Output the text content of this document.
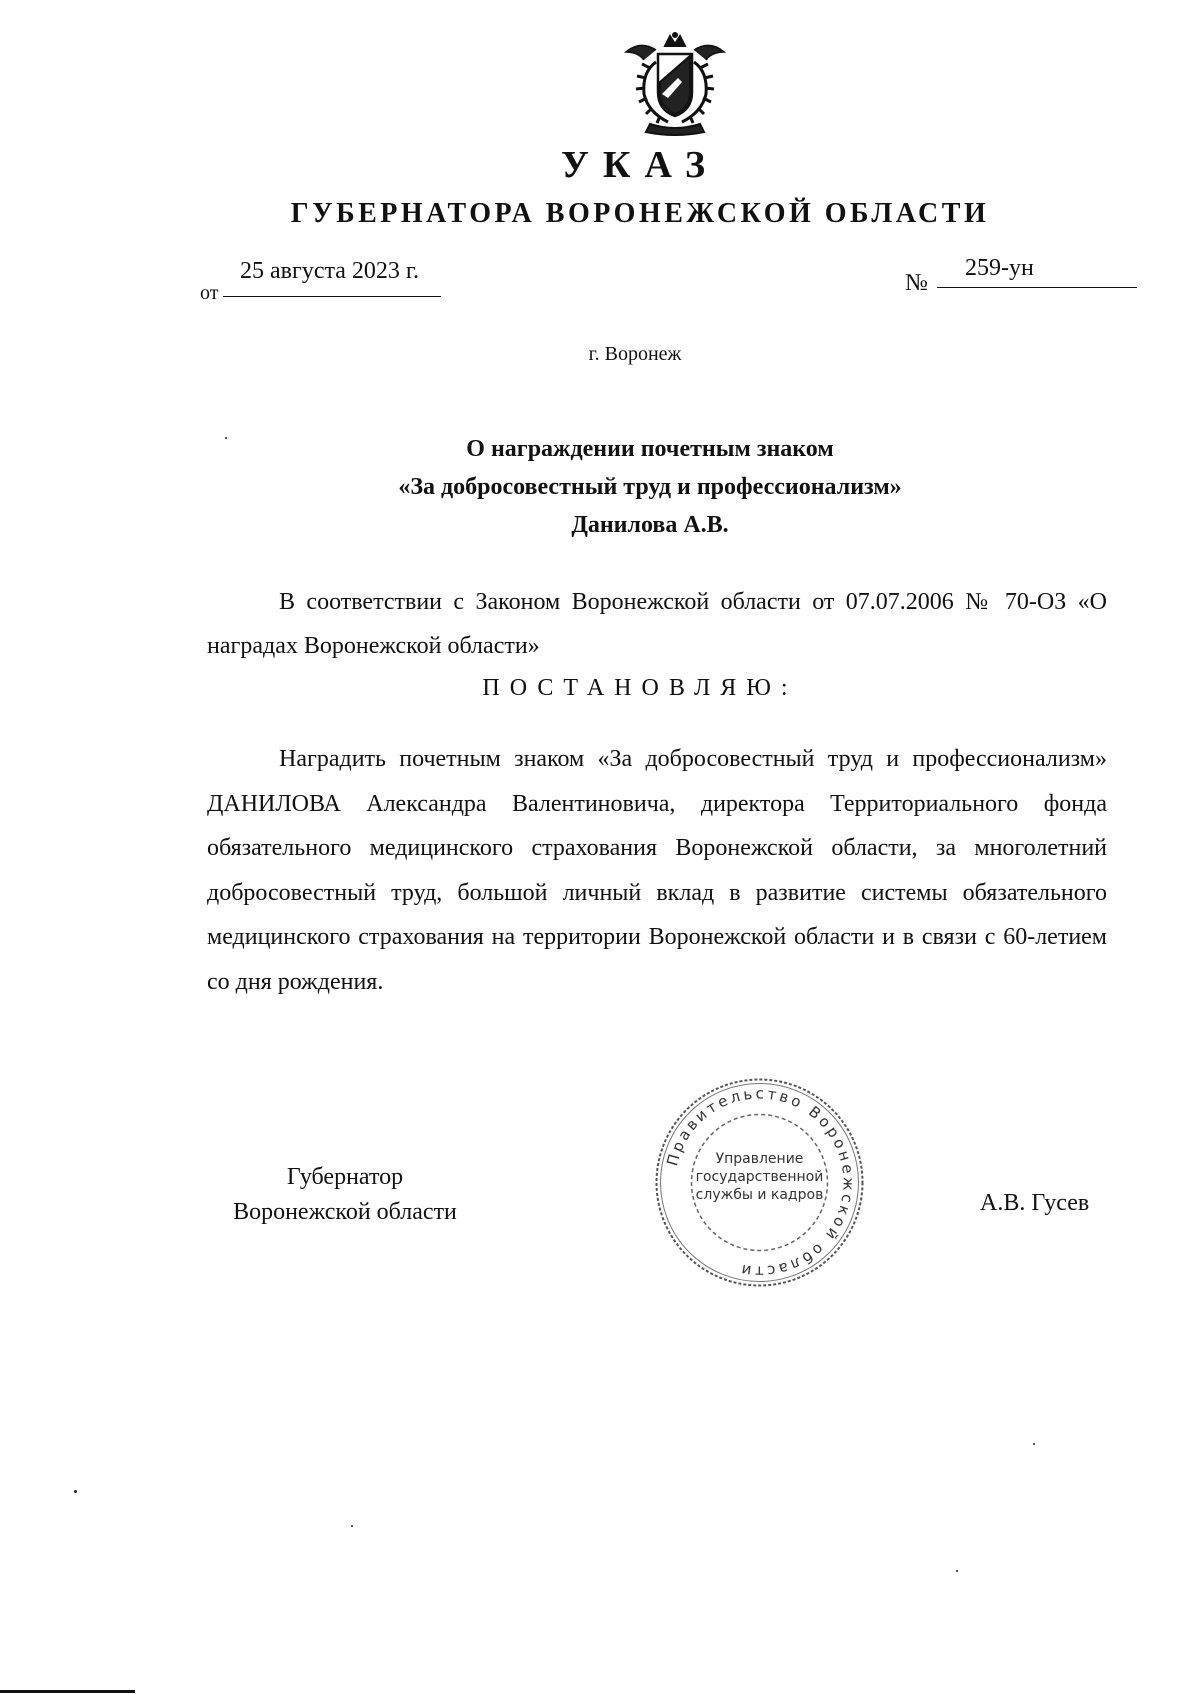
УКАЗ
ГУБЕРНАТОРА ВОРОНЕЖСКОЙ ОБЛАСТИ
от
25 августа 2023 г.	№
259-ун
г. Воронеж
О награждении почетным знаком
«За добросовестный труд и профессионализм»
Данилова А.В.
В соответствии с Законом Воронежской области от 07.07.2006 № 70-ОЗ «О наградах Воронежской области»
ПОСТАНОВЛЯЮ:
Наградить почетным знаком «За добросовестный труд и профессионализм» ДАНИЛОВА Александра Валентиновича, директора Территориального фонда обязательного медицинского страхования Воронежской области, за многолетний добросовестный труд, большой личный вклад в развитие системы обязательного медицинского страхования на территории Воронежской области и в связи с 60-летием со дня рождения.
Губернатор
Воронежской области
Правительство Воронежской области
Управление
государственной
службы и кадров	А.В. Гусев
